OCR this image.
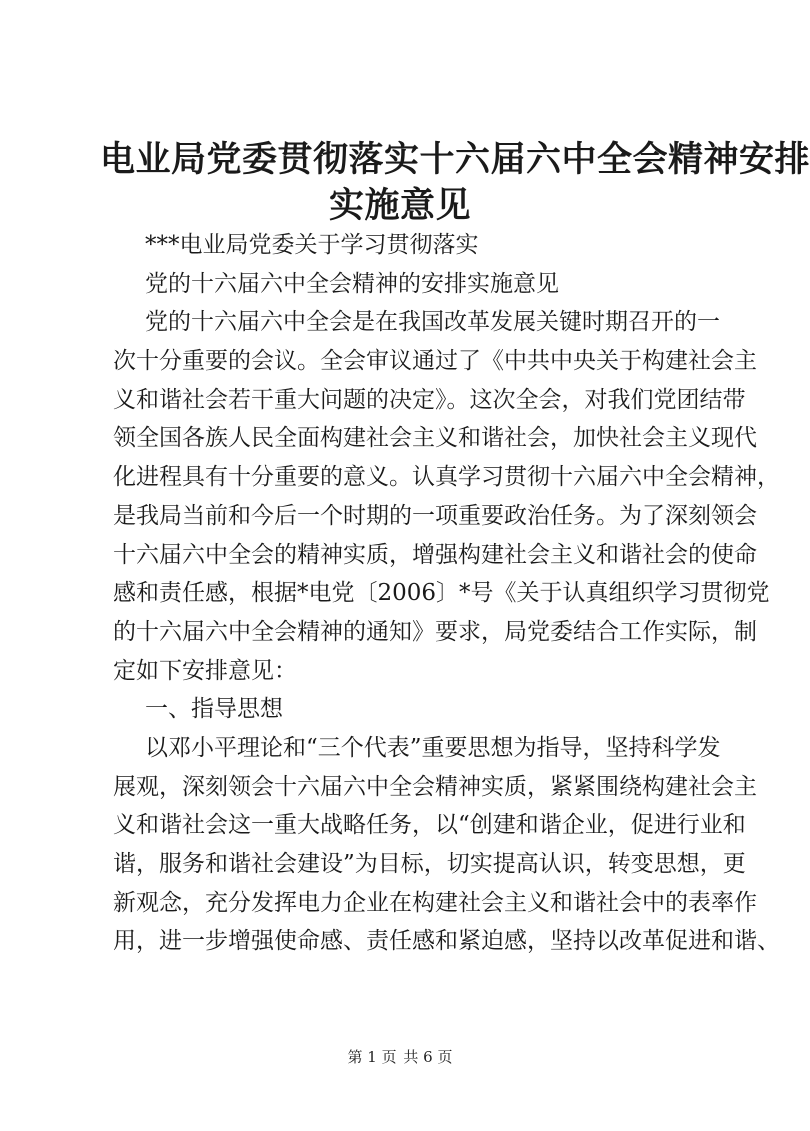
电业局党委贯彻落实十六届六中全会精神安排
实施意见
***电业局党委关于学习贯彻落实
党的十六届六中全会精神的安排实施意见
党的十六届六中全会是在我国改革发展关键时期召开的一
次十分重要的会议。全会审议通过了《中共中央关于构建社会主
义和谐社会若干重大问题的决定》。这次全会，对我们党团结带
领全国各族人民全面构建社会主义和谐社会，加快社会主义现代
化进程具有十分重要的意义。认真学习贯彻十六届六中全会精神，
是我局当前和今后一个时期的一项重要政治任务。为了深刻领会
十六届六中全会的精神实质，增强构建社会主义和谐社会的使命
感和责任感，根据*电党〔2006〕*号《关于认真组织学习贯彻党
的十六届六中全会精神的通知》要求，局党委结合工作实际，制
定如下安排意见：
一、指导思想
以邓小平理论和“三个代表”重要思想为指导，坚持科学发
展观，深刻领会十六届六中全会精神实质，紧紧围绕构建社会主
义和谐社会这一重大战略任务，以“创建和谐企业，促进行业和
谐，服务和谐社会建设”为目标，切实提高认识，转变思想，更
新观念，充分发挥电力企业在构建社会主义和谐社会中的表率作
用，进一步增强使命感、责任感和紧迫感，坚持以改革促进和谐、
第 1 页 共 6 页
